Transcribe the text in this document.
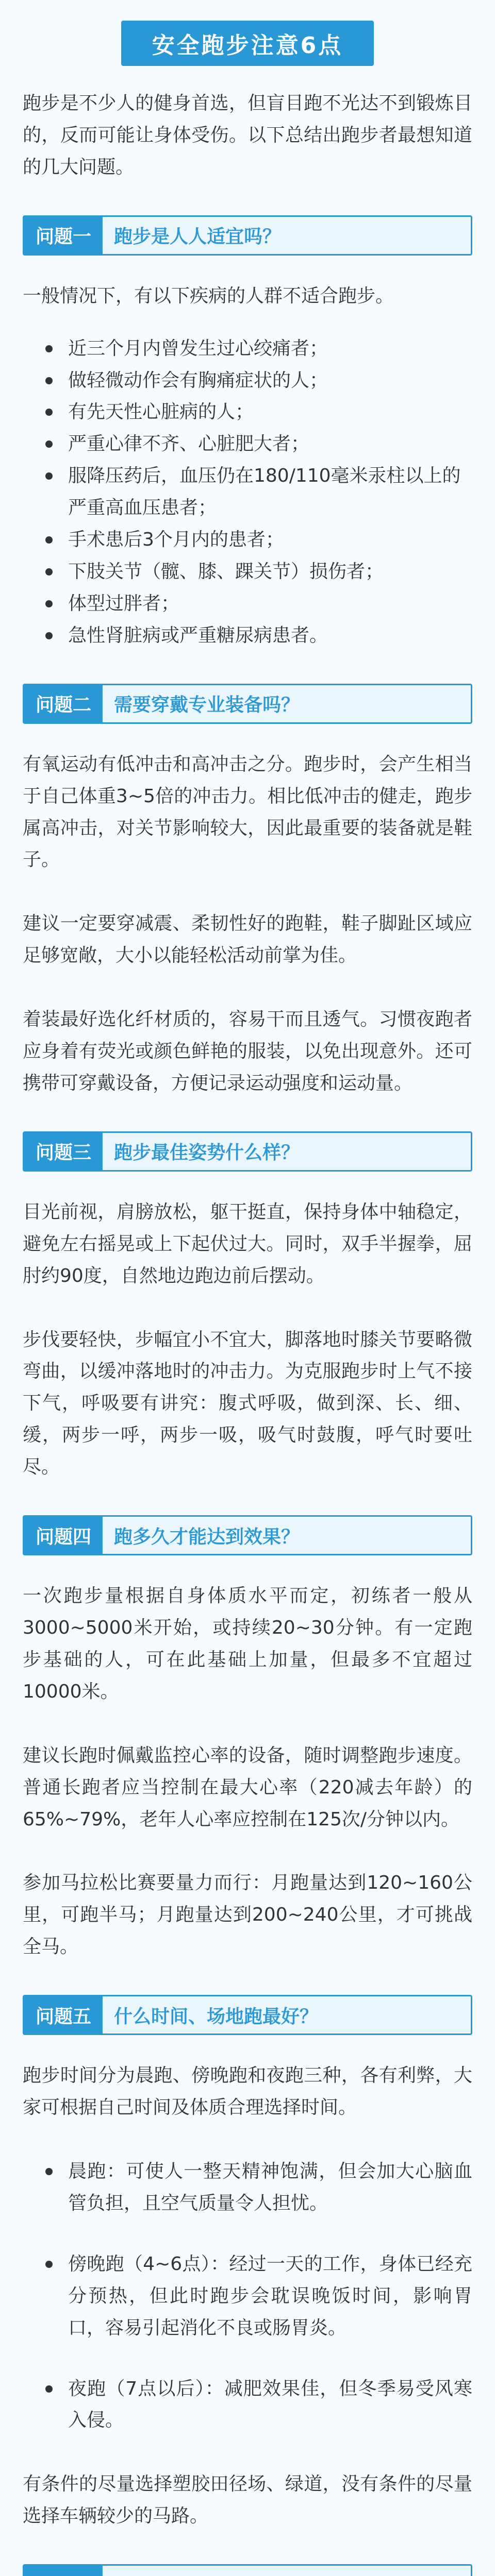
安全跑步注意6点

跑步是不少人的健身首选，但盲目跑不光达不到锻炼目的，反而可能让身体受伤。以下总结出跑步者最想知道的几大问题。

问题一	跑步是人人适宜吗？

一般情况下，有以下疾病的人群不适合跑步。

近三个月内曾发生过心绞痛者；
做轻微动作会有胸痛症状的人；
有先天性心脏病的人；
严重心律不齐、心脏肥大者；
服降压药后，血压仍在180/110毫米汞柱以上的严重高血压患者；
手术患后3个月内的患者；
下肢关节（髋、膝、踝关节）损伤者；
体型过胖者；
急性肾脏病或严重糖尿病患者。
问题二	需要穿戴专业装备吗？

有氧运动有低冲击和高冲击之分。跑步时，会产生相当于自己体重3~5倍的冲击力。相比低冲击的健走，跑步属高冲击，对关节影响较大，因此最重要的装备就是鞋子。

建议一定要穿减震、柔韧性好的跑鞋，鞋子脚趾区域应足够宽敞，大小以能轻松活动前掌为佳。

着装最好选化纤材质的，容易干而且透气。习惯夜跑者应身着有荧光或颜色鲜艳的服装，以免出现意外。还可携带可穿戴设备，方便记录运动强度和运动量。

问题三	跑步最佳姿势什么样？

目光前视，肩膀放松，躯干挺直，保持身体中轴稳定，避免左右摇晃或上下起伏过大。同时，双手半握拳，屈肘约90度，自然地边跑边前后摆动。

步伐要轻快，步幅宜小不宜大，脚落地时膝关节要略微弯曲，以缓冲落地时的冲击力。为克服跑步时上气不接下气，呼吸要有讲究：腹式呼吸，做到深、长、细、缓，两步一呼，两步一吸，吸气时鼓腹，呼气时要吐尽。

问题四	跑多久才能达到效果？

一次跑步量根据自身体质水平而定，初练者一般从3000~5000米开始，或持续20~30分钟。有一定跑步基础的人，可在此基础上加量，但最多不宜超过10000米。

建议长跑时佩戴监控心率的设备，随时调整跑步速度。普通长跑者应当控制在最大心率（220减去年龄）的65%~79%，老年人心率应控制在125次/分钟以内。

参加马拉松比赛要量力而行：月跑量达到120~160公里，可跑半马；月跑量达到200~240公里，才可挑战全马。

问题五	什么时间、场地跑最好？

跑步时间分为晨跑、傍晚跑和夜跑三种，各有利弊，大家可根据自己时间及体质合理选择时间。

晨跑：可使人一整天精神饱满，但会加大心脑血管负担，且空气质量令人担忧。
傍晚跑（4~6点）：经过一天的工作，身体已经充分预热，但此时跑步会耽误晚饭时间，影响胃口，容易引起消化不良或肠胃炎。
夜跑（7点以后）：减肥效果佳，但冬季易受风寒入侵。

有条件的尽量选择塑胶田径场、绿道，没有条件的尽量选择车辆较少的马路。
